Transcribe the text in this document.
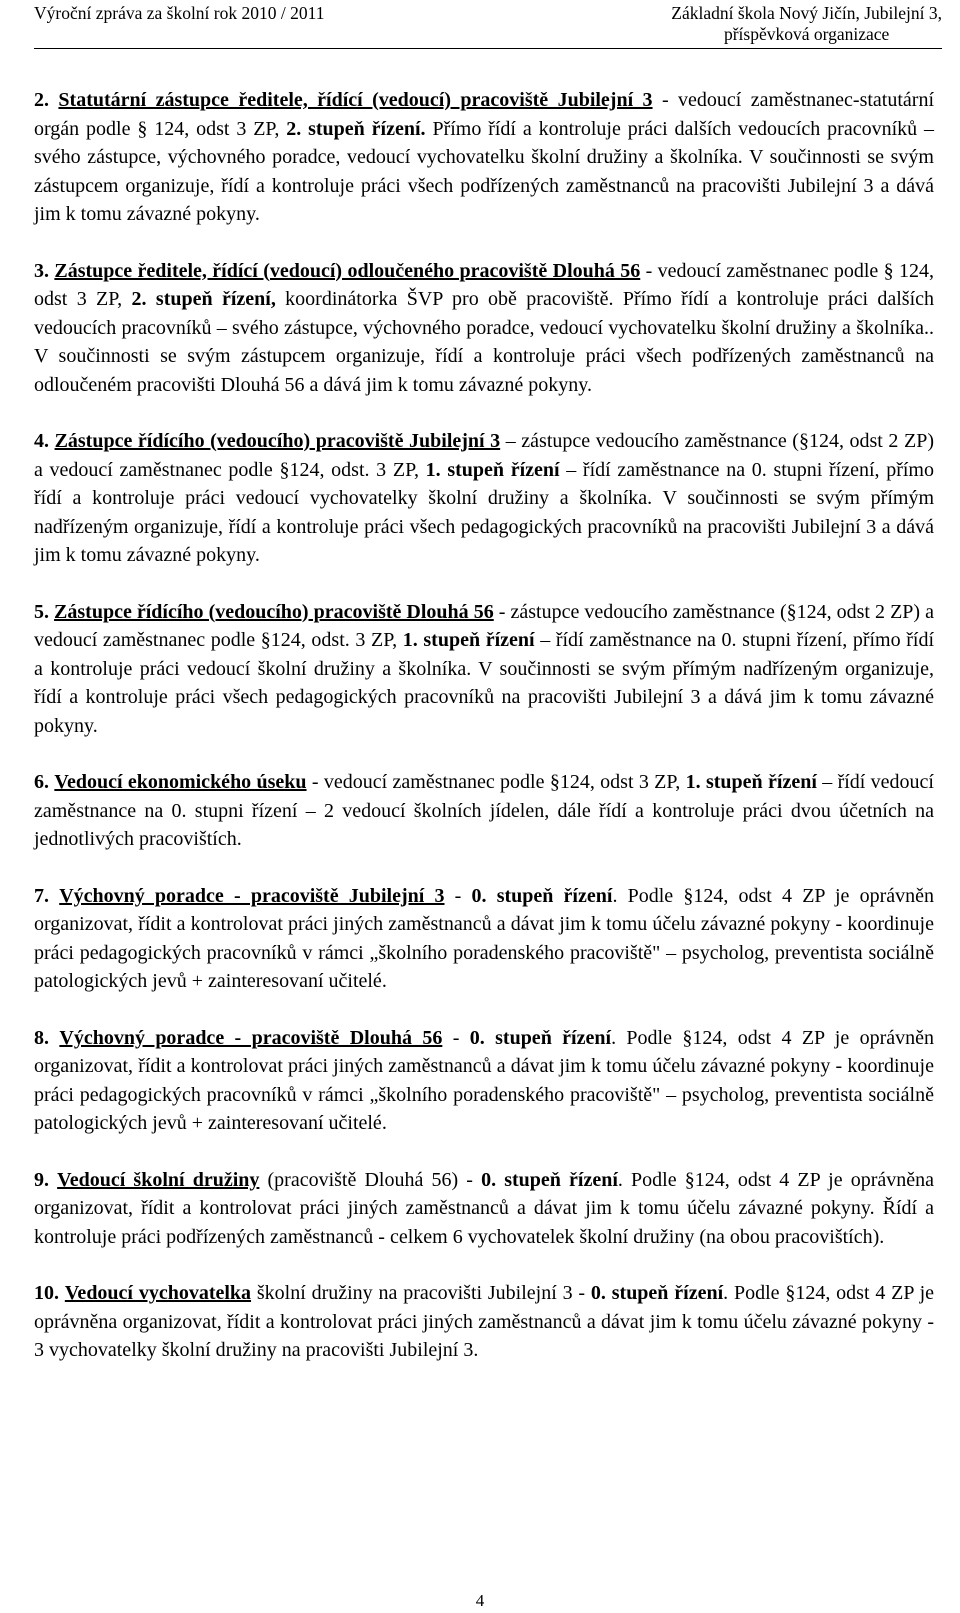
Výroční zpráva za školní rok 2010 / 2011	Základní škola Nový Jičín, Jubilejní 3,
příspěvková organizace

2. Statutární zástupce ředitele, řídící (vedoucí) pracoviště Jubilejní 3 - vedoucí zaměstnanec-statutární orgán podle § 124, odst 3 ZP, 2. stupeň řízení. Přímo řídí a kontroluje práci dalších vedoucích pracovníků – svého zástupce, výchovného poradce, vedoucí vychovatelku školní družiny a školníka. V součinnosti se svým zástupcem organizuje, řídí a kontroluje práci všech podřízených zaměstnanců na pracovišti Jubilejní 3 a dává jim k tomu závazné pokyny.

3. Zástupce ředitele, řídící (vedoucí) odloučeného pracoviště Dlouhá 56 - vedoucí zaměstnanec podle § 124, odst 3 ZP, 2. stupeň řízení, koordinátorka ŠVP pro obě pracoviště. Přímo řídí a kontroluje práci dalších vedoucích pracovníků – svého zástupce, výchovného poradce, vedoucí vychovatelku školní družiny a školníka.. V součinnosti se svým zástupcem organizuje, řídí a kontroluje práci všech podřízených zaměstnanců na odloučeném pracovišti Dlouhá 56 a dává jim k tomu závazné pokyny.

4. Zástupce řídícího (vedoucího) pracoviště Jubilejní 3 – zástupce vedoucího zaměstnance (§124, odst 2 ZP) a vedoucí zaměstnanec podle §124, odst. 3 ZP, 1. stupeň řízení – řídí zaměstnance na 0. stupni řízení, přímo řídí a kontroluje práci vedoucí vychovatelky školní družiny a školníka. V součinnosti se svým přímým nadřízeným organizuje, řídí a kontroluje práci všech pedagogických pracovníků na pracovišti Jubilejní 3 a dává jim k tomu závazné pokyny.

5. Zástupce řídícího (vedoucího) pracoviště Dlouhá 56 - zástupce vedoucího zaměstnance (§124, odst 2 ZP) a vedoucí zaměstnanec podle §124, odst. 3 ZP, 1. stupeň řízení – řídí zaměstnance na 0. stupni řízení, přímo řídí a kontroluje práci vedoucí školní družiny a školníka. V součinnosti se svým přímým nadřízeným organizuje, řídí a kontroluje práci všech pedagogických pracovníků na pracovišti Jubilejní 3 a dává jim k tomu závazné pokyny.

6. Vedoucí ekonomického úseku - vedoucí zaměstnanec podle §124, odst 3 ZP, 1. stupeň řízení – řídí vedoucí zaměstnance na 0. stupni řízení – 2 vedoucí školních jídelen, dále řídí a kontroluje práci dvou účetních na jednotlivých pracovištích.

7. Výchovný poradce - pracoviště Jubilejní 3 - 0. stupeň řízení. Podle §124, odst 4 ZP je oprávněn organizovat, řídit a kontrolovat práci jiných zaměstnanců a dávat jim k tomu účelu závazné pokyny - koordinuje práci pedagogických pracovníků v rámci „školního poradenského pracoviště" – psycholog, preventista sociálně patologických jevů + zainteresovaní učitelé.

8. Výchovný poradce - pracoviště Dlouhá 56 - 0. stupeň řízení. Podle §124, odst 4 ZP je oprávněn organizovat, řídit a kontrolovat práci jiných zaměstnanců a dávat jim k tomu účelu závazné pokyny - koordinuje práci pedagogických pracovníků v rámci „školního poradenského pracoviště" – psycholog, preventista sociálně patologických jevů + zainteresovaní učitelé.

9. Vedoucí školní družiny (pracoviště Dlouhá 56) - 0. stupeň řízení. Podle §124, odst 4 ZP je oprávněna organizovat, řídit a kontrolovat práci jiných zaměstnanců a dávat jim k tomu účelu závazné pokyny. Řídí a kontroluje práci podřízených zaměstnanců - celkem 6 vychovatelek školní družiny (na obou pracovištích).

10. Vedoucí vychovatelka školní družiny na pracovišti Jubilejní 3 - 0. stupeň řízení. Podle §124, odst 4 ZP je oprávněna organizovat, řídit a kontrolovat práci jiných zaměstnanců a dávat jim k tomu účelu závazné pokyny - 3 vychovatelky školní družiny na pracovišti Jubilejní 3.

4
